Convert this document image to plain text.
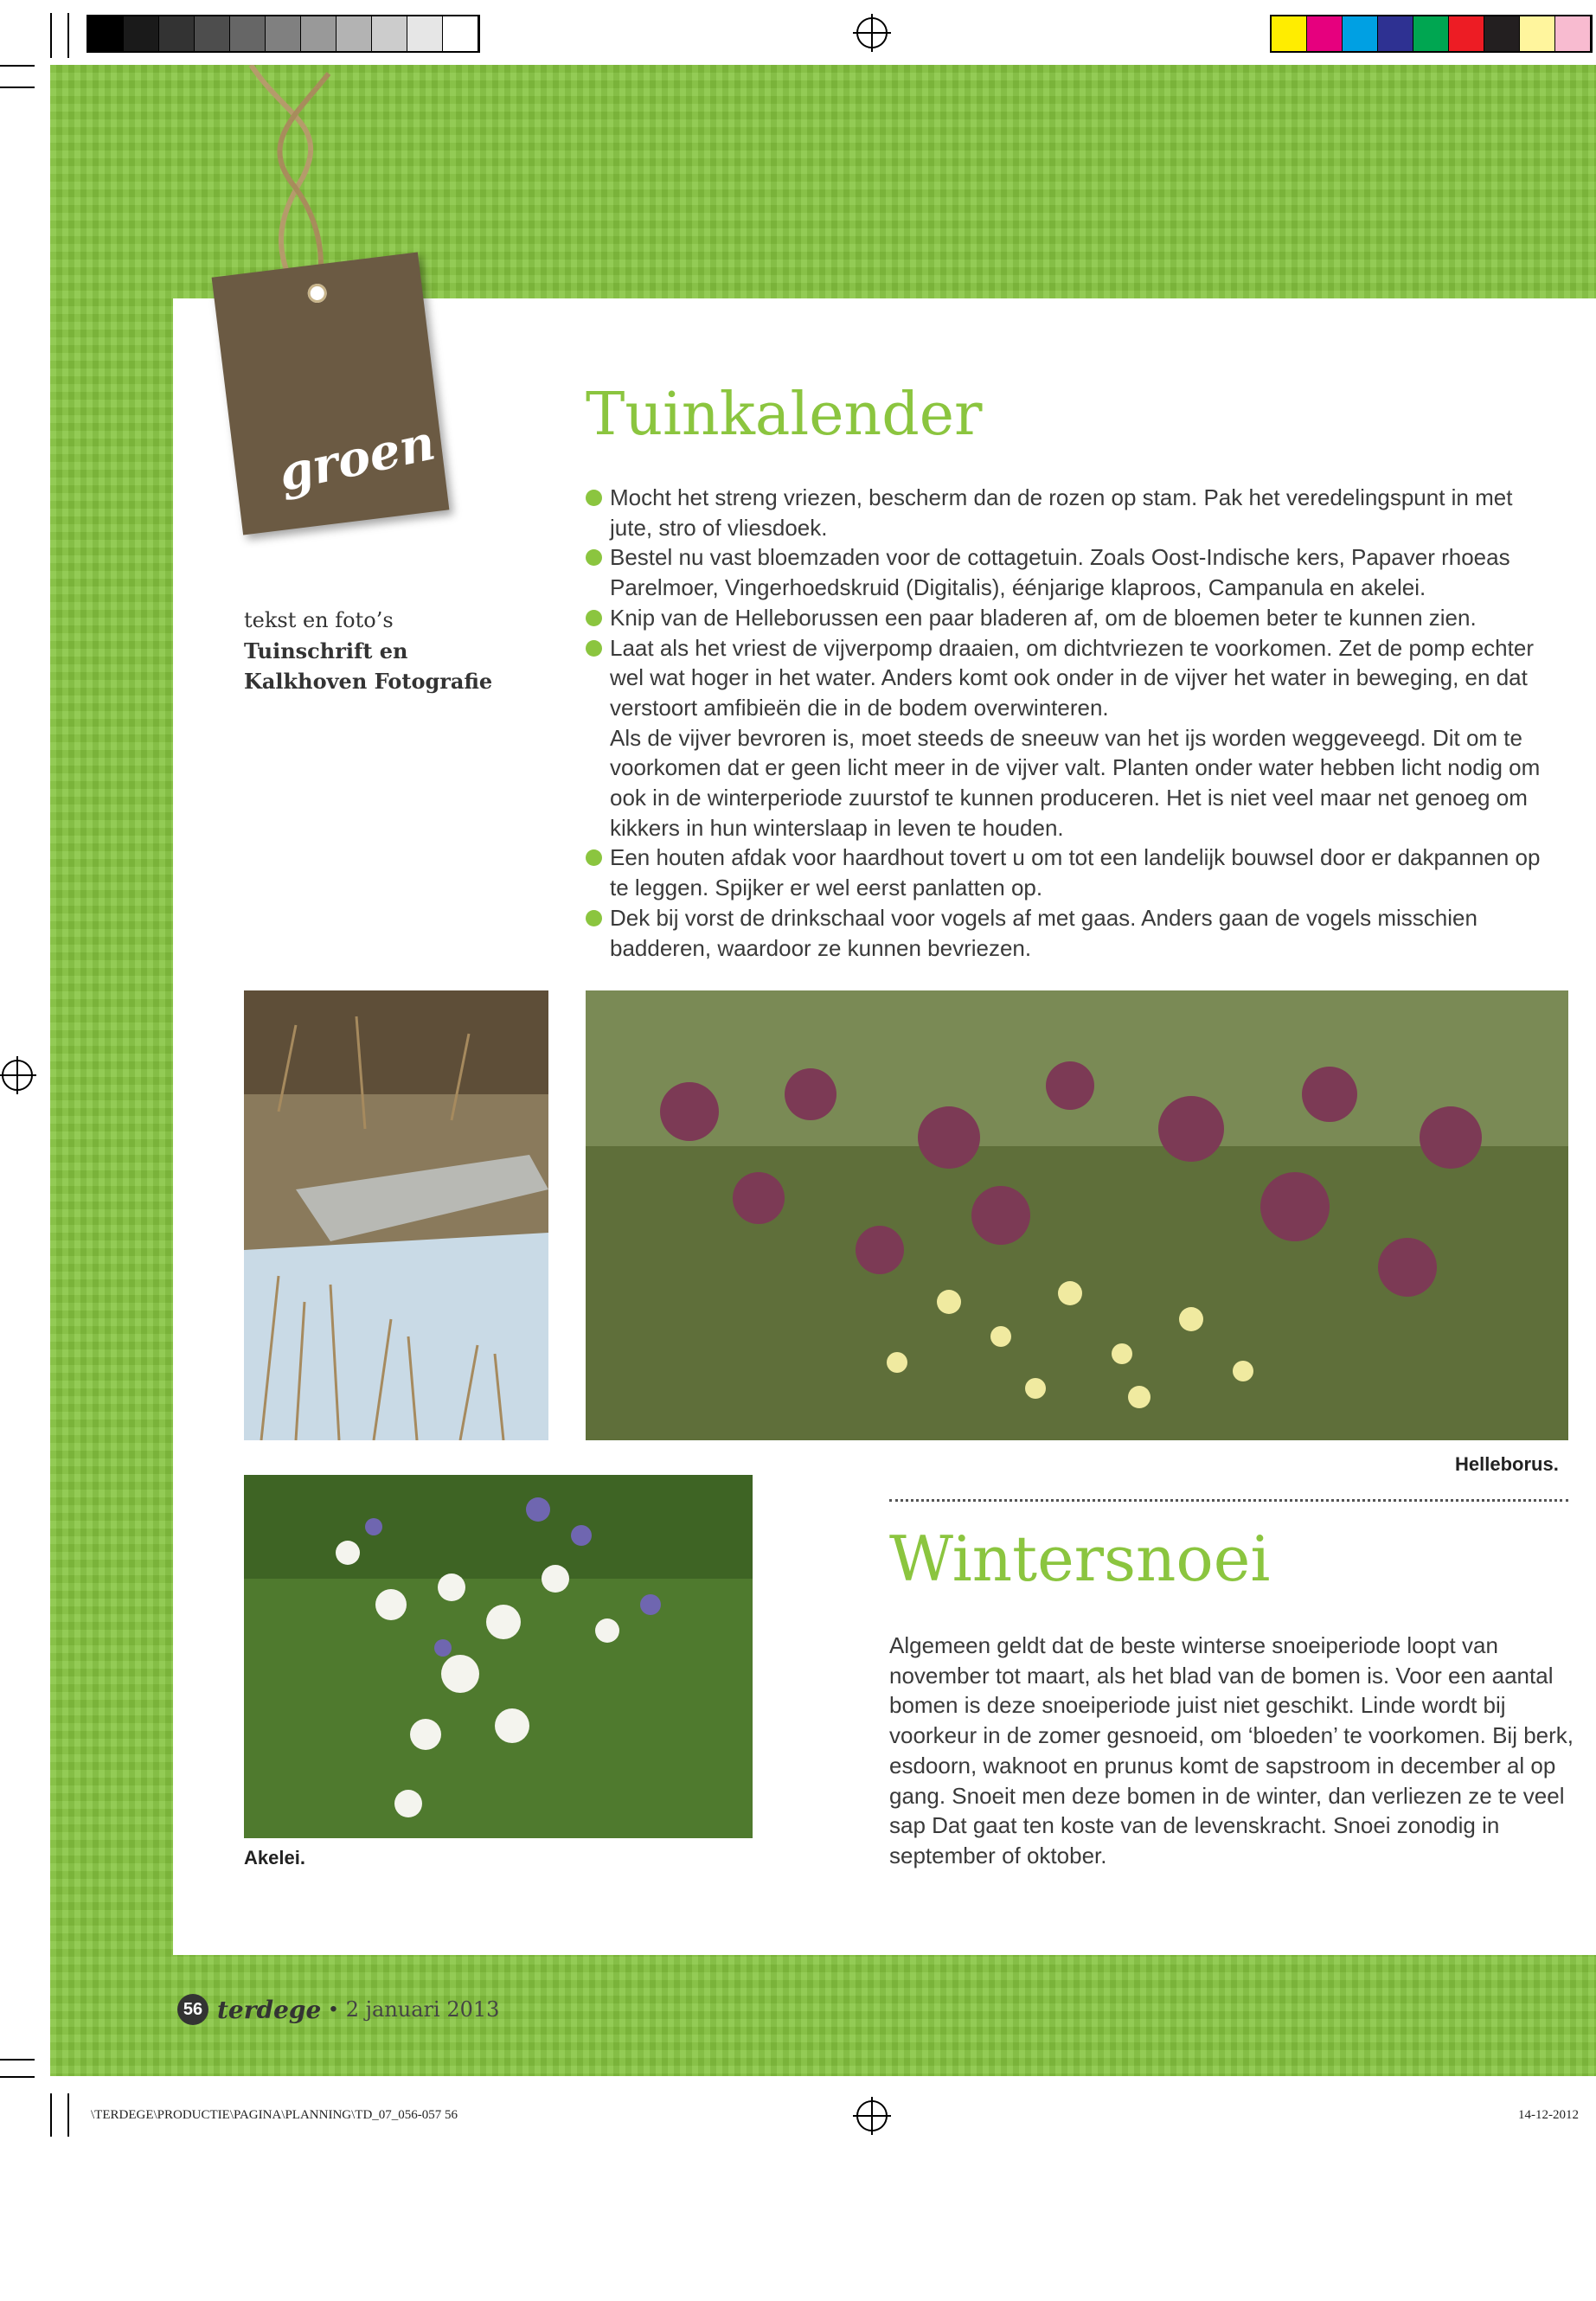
groen
tekst en foto’s
Tuinschrift en
Kalkhoven Fotografie
Tuinkalender
Mocht het streng vriezen, bescherm dan de rozen op stam. Pak het veredelingspunt in met jute, stro of vliesdoek.
Bestel nu vast bloemzaden voor de cottagetuin. Zoals Oost-Indische kers, Papaver rhoeas Parelmoer, Vingerhoedskruid (Digitalis), éénjarige klaproos, Campanula en akelei.
Knip van de Helleborussen een paar bladeren af, om de bloemen beter te kunnen zien.
Laat als het vriest de vijverpomp draaien, om dichtvriezen te voorkomen. Zet de pomp echter wel wat hoger in het water. Anders komt ook onder in de vijver het water in beweging, en dat verstoort amfibieën die in de bodem overwinteren.
Als de vijver bevroren is, moet steeds de sneeuw van het ijs worden weggeveegd. Dit om te voorkomen dat er geen licht meer in de vijver valt. Planten onder water hebben licht nodig om ook in de winterperiode zuurstof te kunnen produceren. Het is niet veel maar net genoeg om kikkers in hun winterslaap in leven te houden.
Een houten afdak voor haardhout tovert u om tot een landelijk bouwsel door er dakpannen op te leggen. Spijker er wel eerst panlatten op.
Dek bij vorst de drinkschaal voor vogels af met gaas. Anders gaan de vogels misschien badderen, waardoor ze kunnen bevriezen.
Helleborus.
Akelei.
Wintersnoei

Algemeen geldt dat de beste winterse snoeiperiode loopt van november tot maart, als het blad van de bomen is. Voor een aantal bomen is deze snoeiperiode juist niet geschikt. Linde wordt bij voorkeur in de zomer gesnoeid, om ‘bloeden’ te voorkomen. Bij berk, esdoorn, waknoot en prunus komt de sapstroom in december al op gang. Snoeit men deze bomen in de winter, dan verliezen ze te veel sap Dat gaat ten koste van de levenskracht. Snoei zonodig in september of oktober.

56 terdege • 2 januari 2013
\TERDEGE\PRODUCTIE\PAGINA\PLANNING\TD_07_056-057 56	14-12-2012
